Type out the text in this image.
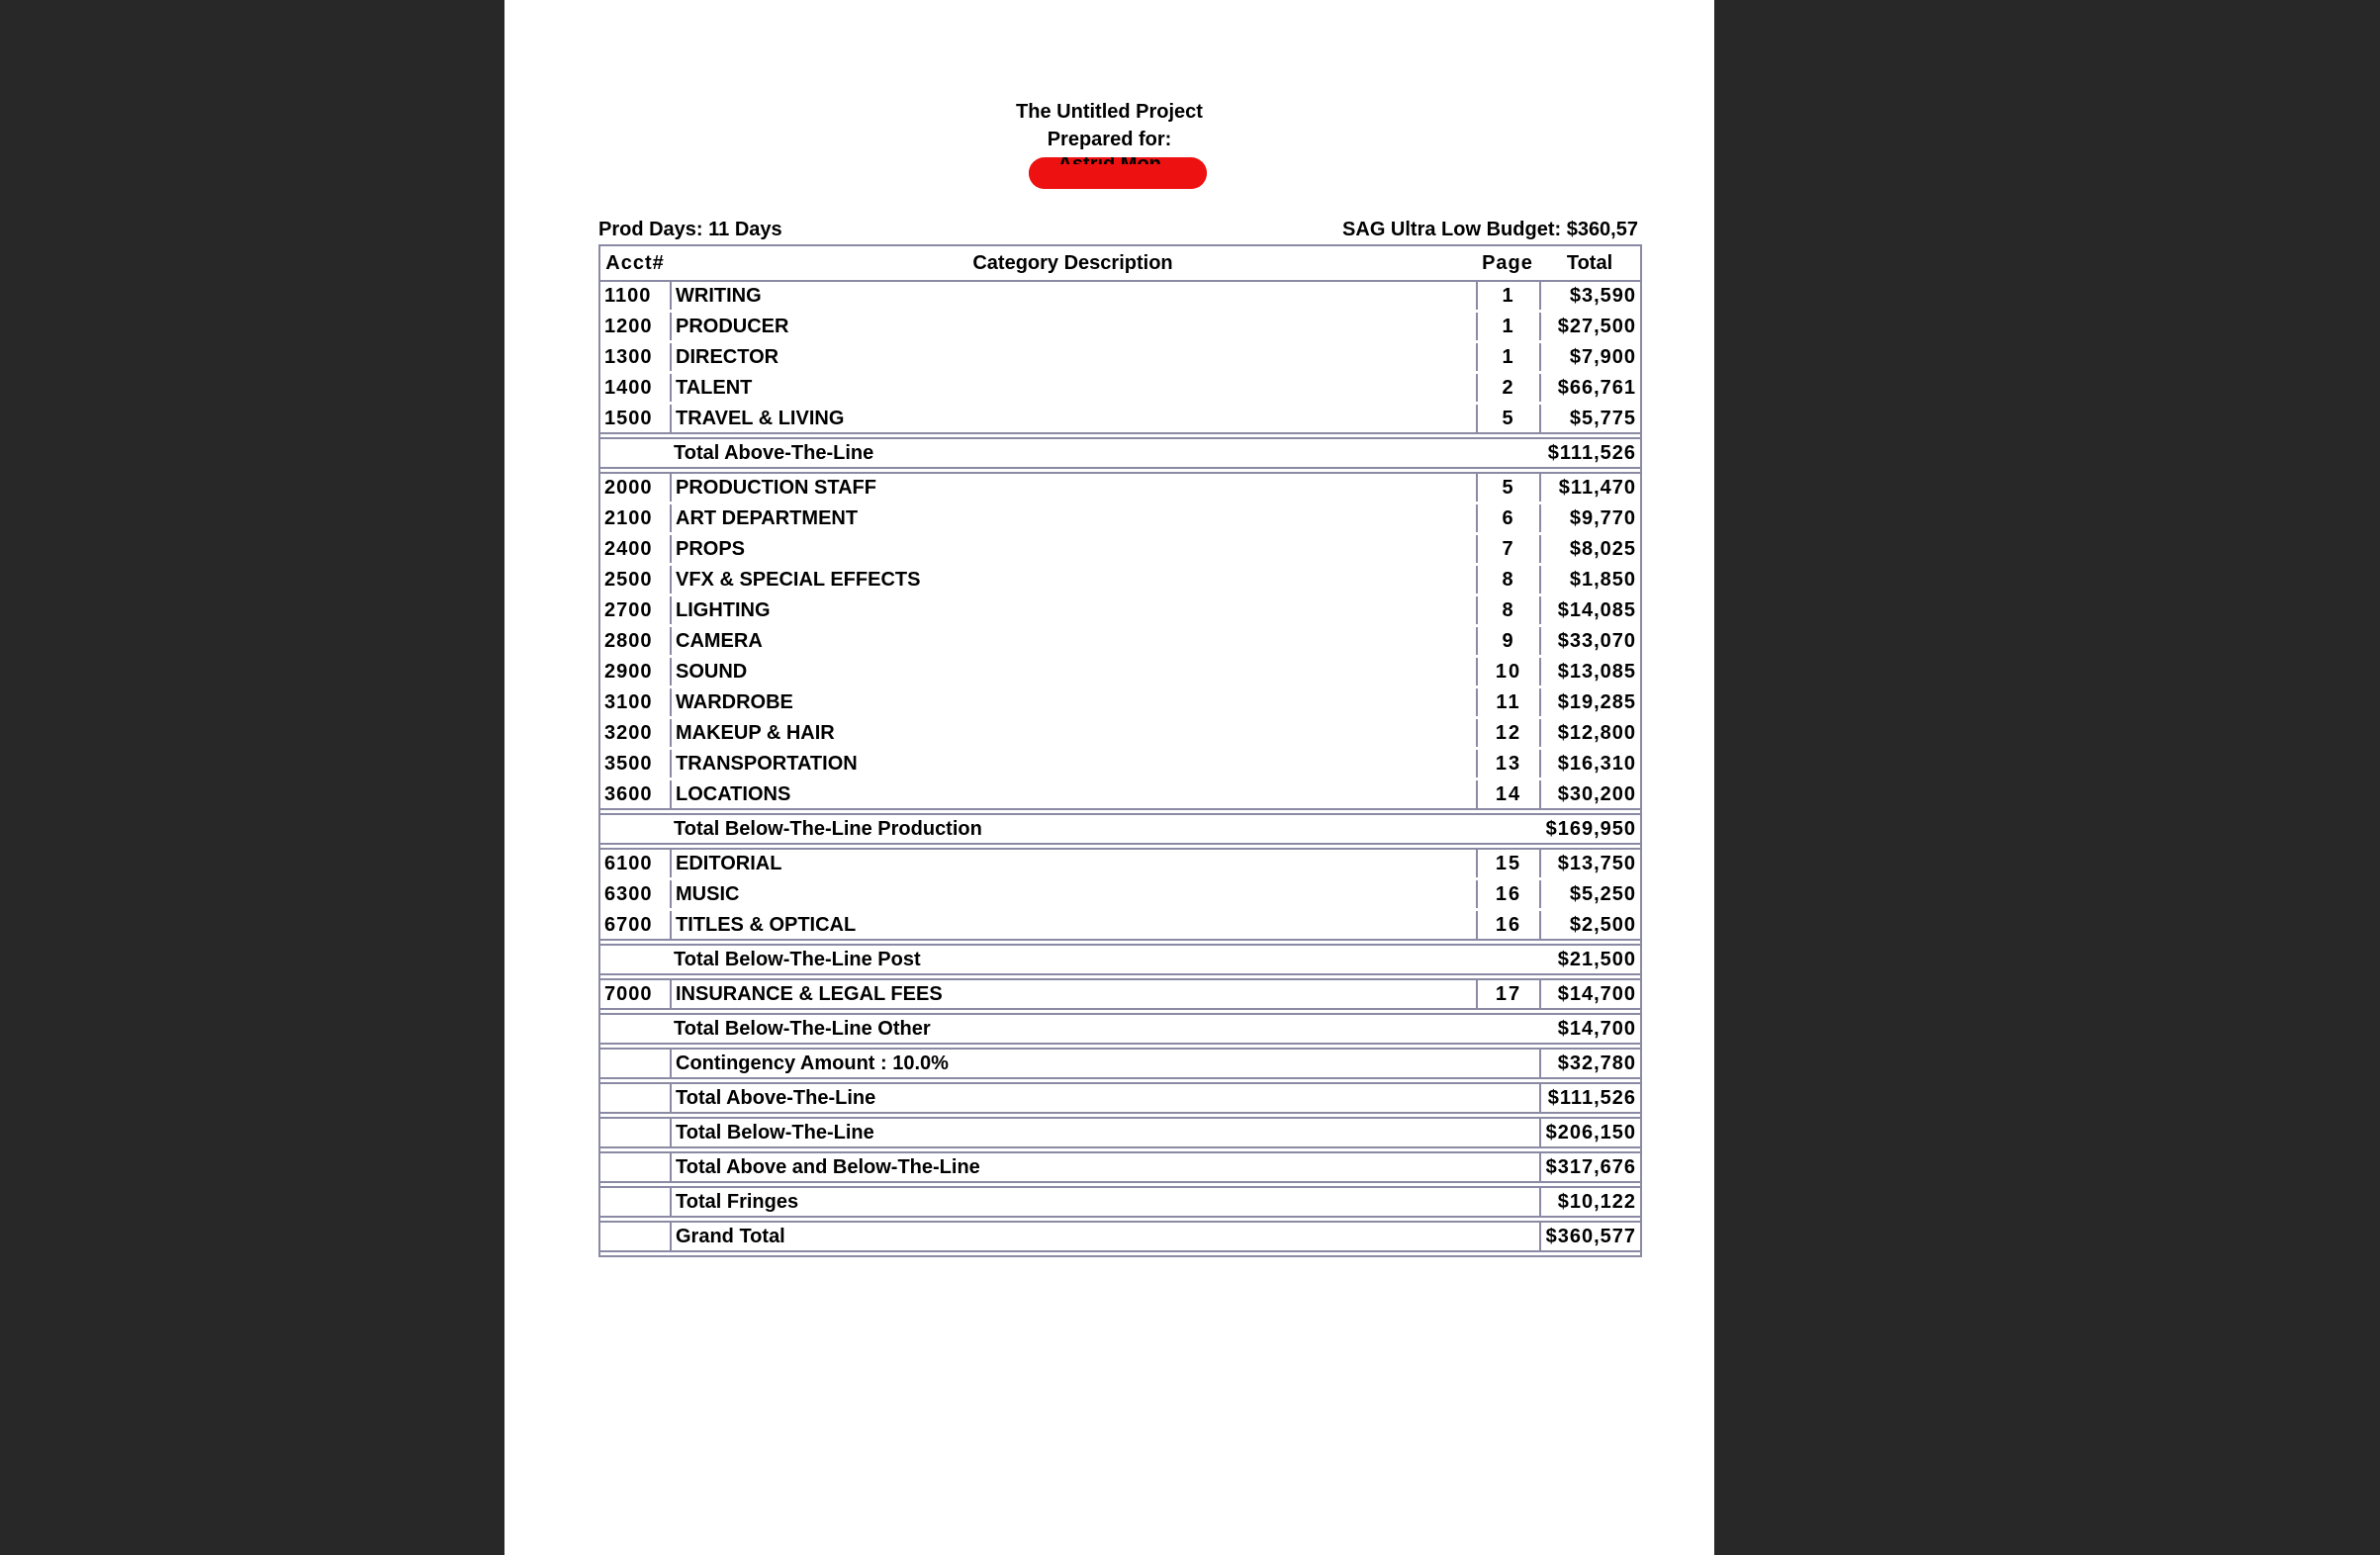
The Untitled Project
Prepared for:
Prod Days: 11 Days	SAG Ultra Low Budget: $360,57
Acct#	Category Description	Page	Total
1100	WRITING	1	$3,590
1200	PRODUCER	1	$27,500
1300	DIRECTOR	1	$7,900
1400	TALENT	2	$66,761
1500	TRAVEL & LIVING	5	$5,775
	Total Above-The-Line		$111,526
2000	PRODUCTION STAFF	5	$11,470
2100	ART DEPARTMENT	6	$9,770
2400	PROPS	7	$8,025
2500	VFX & SPECIAL EFFECTS	8	$1,850
2700	LIGHTING	8	$14,085
2800	CAMERA	9	$33,070
2900	SOUND	10	$13,085
3100	WARDROBE	11	$19,285
3200	MAKEUP & HAIR	12	$12,800
3500	TRANSPORTATION	13	$16,310
3600	LOCATIONS	14	$30,200
	Total Below-The-Line Production		$169,950
6100	EDITORIAL	15	$13,750
6300	MUSIC	16	$5,250
6700	TITLES & OPTICAL	16	$2,500
	Total Below-The-Line Post		$21,500
7000	INSURANCE & LEGAL FEES	17	$14,700
	Total Below-The-Line Other		$14,700
	Contingency Amount : 10.0%		$32,780
	Total Above-The-Line		$111,526
	Total Below-The-Line		$206,150
	Total Above and Below-The-Line		$317,676
	Total Fringes		$10,122
	Grand Total		$360,577
